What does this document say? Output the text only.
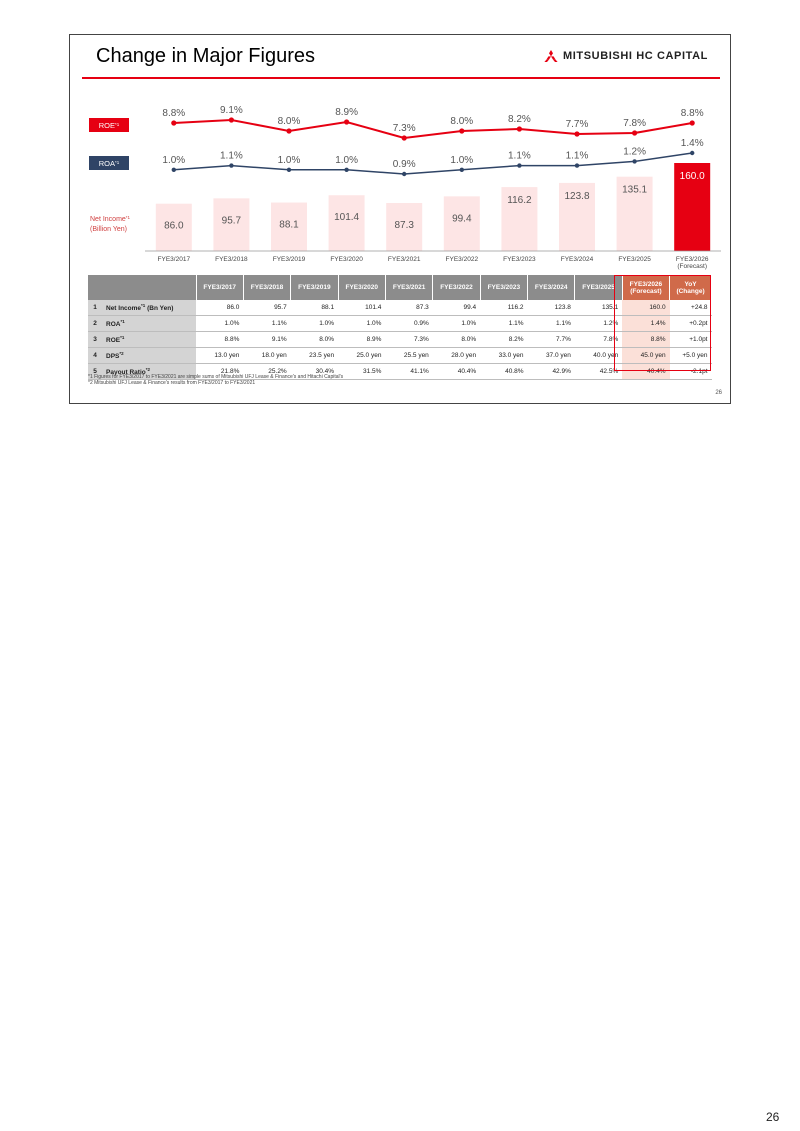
Change in Major Figures	MITSUBISHI HC CAPITAL
ROE$^{*1}$
ROA$^{*1}$
Net Income$^{*1}$
(Billion Yen)	86.0	95.7	88.1
101.4
87.3
99.4
116.2	123.8
135.1
160.0
FYE3/2017	FYE3/2018	FYE3/2019	FYE3/2020	FYE3/2021	FYE3/2022	FYE3/2023	FYE3/2024	FYE3/2025	FYE3/2026
(Forecast)
8.8%	9.1%
8.0%
8.9%
7.3%
8.0%	8.2%	7.7%	7.8%
8.8%
1.0%	1.1%	1.0%	1.0%	0.9%	1.0%	1.1%	1.1%	1.2%
1.4%
		FYE3/2017	FYE3/2018	FYE3/2019	FYE3/2020	FYE3/2021	FYE3/2022	FYE3/2023	FYE3/2024	FYE3/2025	FYE3/2026
(Forecast)	YoY
(Change)
1	Net Income$^{*1}$ (Bn Yen)	86.0	95.7	88.1	101.4	87.3	99.4	116.2	123.8	135.1	160.0	+24.8
2	ROA$^{*1}$	1.0%	1.1%	1.0%	1.0%	0.9%	1.0%	1.1%	1.1%	1.2%	1.4%	+0.2pt
3	ROE$^{*1}$	8.8%	9.1%	8.0%	8.9%	7.3%	8.0%	8.2%	7.7%	7.8%	8.8%	+1.0pt
4	DPS$^{*2}$	13.0 yen	18.0 yen	23.5 yen	25.0 yen	25.5 yen	28.0 yen	33.0 yen	37.0 yen	40.0 yen	45.0 yen	+5.0 yen
5	Payout Ratio$^{*2}$	21.8%	25.2%	30.4%	31.5%	41.1%	40.4%	40.8%	42.9%	42.5%	40.4%	-2.1pt
*1 Figures for FYE3/2017 to FYE3/2021 are simple sums of Mitsubishi UFJ Lease & Finance's and Hitachi Capital's
*2 Mitsubishi UFJ Lease & Finance's results from FYE3/2017 to FYE3/2021
26
26
